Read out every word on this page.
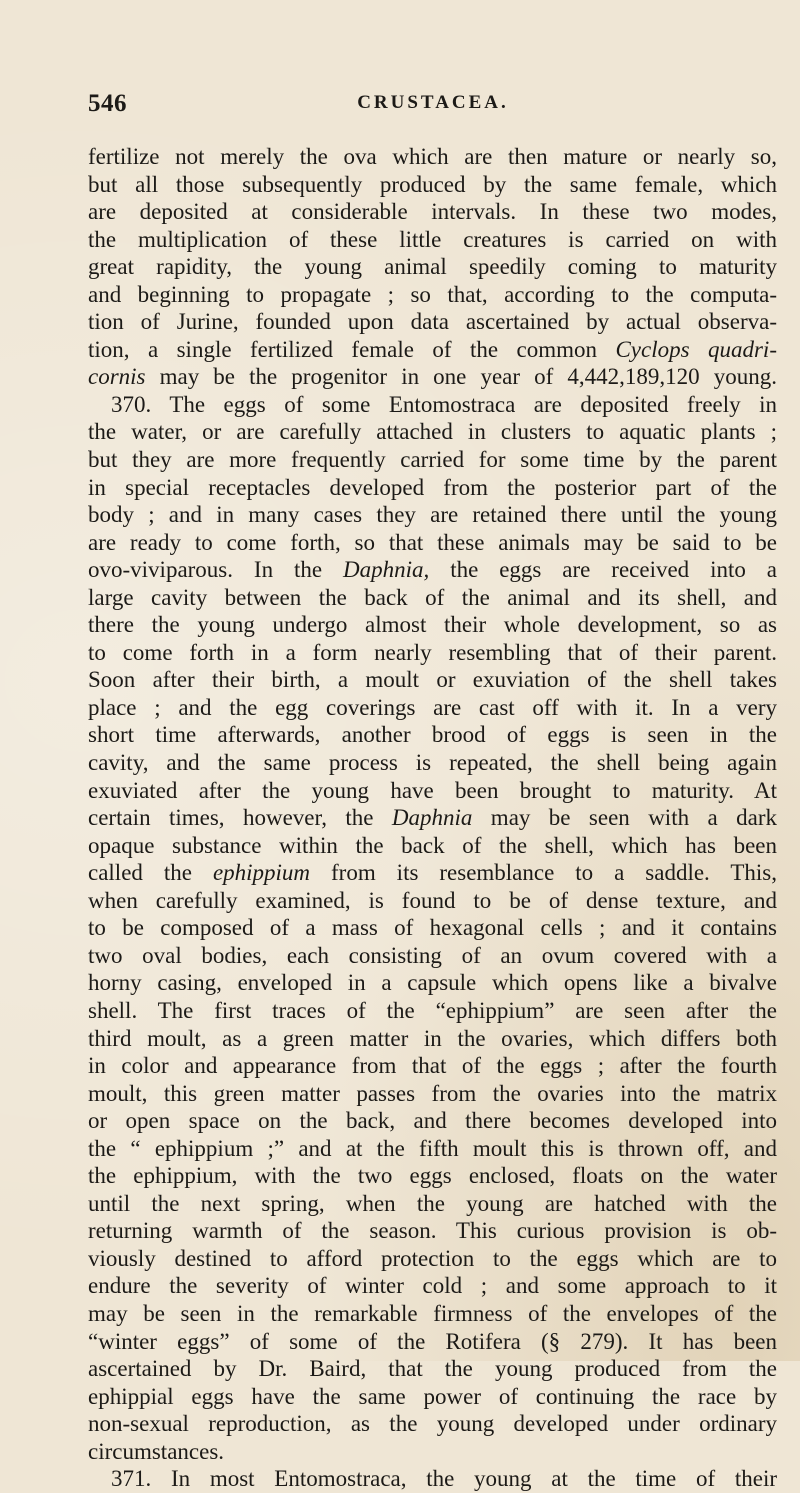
546	CRUSTACEA.
fertilize not merely the ova which are then mature or nearly so,
but all those subsequently produced by the same female, which
are deposited at considerable intervals. In these two modes,
the multiplication of these little creatures is carried on with
great rapidity, the young animal speedily coming to maturity
and beginning to propagate ; so that, according to the computa-
tion of Jurine, founded upon data ascertained by actual observa-
tion, a single fertilized female of the common Cyclops quadri-
cornis may be the progenitor in one year of 4,442,189,120 young.
370. The eggs of some Entomostraca are deposited freely in
the water, or are carefully attached in clusters to aquatic plants ;
but they are more frequently carried for some time by the parent
in special receptacles developed from the posterior part of the
body ; and in many cases they are retained there until the young
are ready to come forth, so that these animals may be said to be
ovo-viviparous. In the Daphnia, the eggs are received into a
large cavity between the back of the animal and its shell, and
there the young undergo almost their whole development, so as
to come forth in a form nearly resembling that of their parent.
Soon after their birth, a moult or exuviation of the shell takes
place ; and the egg coverings are cast off with it. In a very
short time afterwards, another brood of eggs is seen in the
cavity, and the same process is repeated, the shell being again
exuviated after the young have been brought to maturity. At
certain times, however, the Daphnia may be seen with a dark
opaque substance within the back of the shell, which has been
called the ephippium from its resemblance to a saddle. This,
when carefully examined, is found to be of dense texture, and
to be composed of a mass of hexagonal cells ; and it contains
two oval bodies, each consisting of an ovum covered with a
horny casing, enveloped in a capsule which opens like a bivalve
shell. The first traces of the “ephippium” are seen after the
third moult, as a green matter in the ovaries, which differs both
in color and appearance from that of the eggs ; after the fourth
moult, this green matter passes from the ovaries into the matrix
or open space on the back, and there becomes developed into
the “ ephippium ;” and at the fifth moult this is thrown off, and
the ephippium, with the two eggs enclosed, floats on the water
until the next spring, when the young are hatched with the
returning warmth of the season. This curious provision is ob-
viously destined to afford protection to the eggs which are to
endure the severity of winter cold ; and some approach to it
may be seen in the remarkable firmness of the envelopes of the
“winter eggs” of some of the Rotifera (§ 279). It has been
ascertained by Dr. Baird, that the young produced from the
ephippial eggs have the same power of continuing the race by
non-sexual reproduction, as the young developed under ordinary
circumstances.
371. In most Entomostraca, the young at the time of their
